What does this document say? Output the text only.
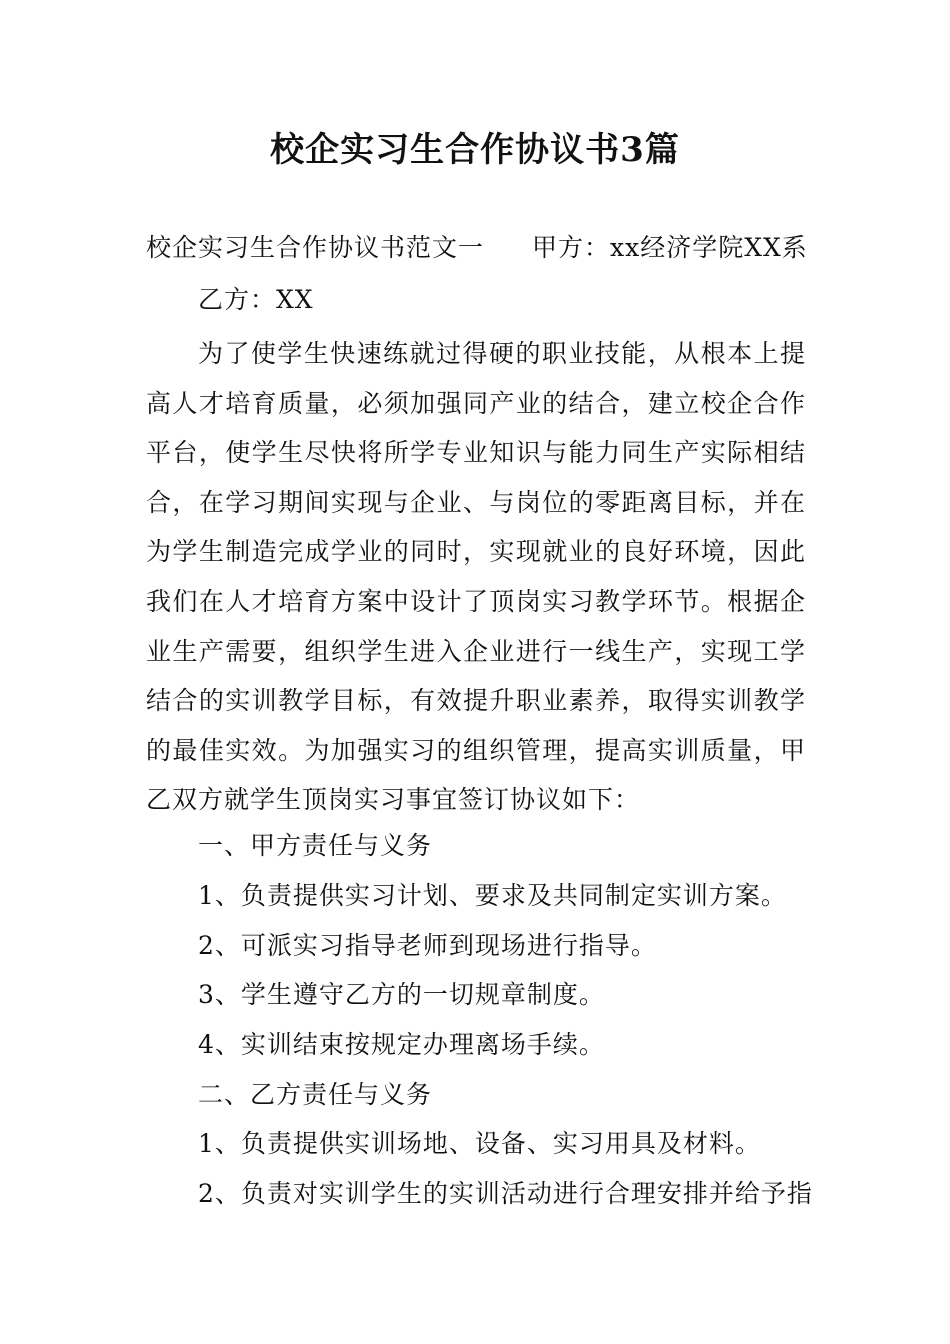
校企实习生合作协议书3篇
校企实习生合作协议书范文一 甲方：xx经济学院XX系
乙方：XX
为了使学生快速练就过得硬的职业技能，从根本上提高人才培育质量，必须加强同产业的结合，建立校企合作平台，使学生尽快将所学专业知识与能力同生产实际相结合，在学习期间实现与企业、与岗位的零距离目标，并在为学生制造完成学业的同时，实现就业的良好环境，因此我们在人才培育方案中设计了顶岗实习教学环节。根据企业生产需要，组织学生进入企业进行一线生产，实现工学结合的实训教学目标，有效提升职业素养，取得实训教学的最佳实效。为加强实习的组织管理，提高实训质量，甲乙双方就学生顶岗实习事宜签订协议如下：
一、甲方责任与义务
1、负责提供实习计划、要求及共同制定实训方案。
2、可派实习指导老师到现场进行指导。
3、学生遵守乙方的一切规章制度。
4、实训结束按规定办理离场手续。
二、乙方责任与义务
1、负责提供实训场地、设备、实习用具及材料。
2、负责对实训学生的实训活动进行合理安排并给予指
